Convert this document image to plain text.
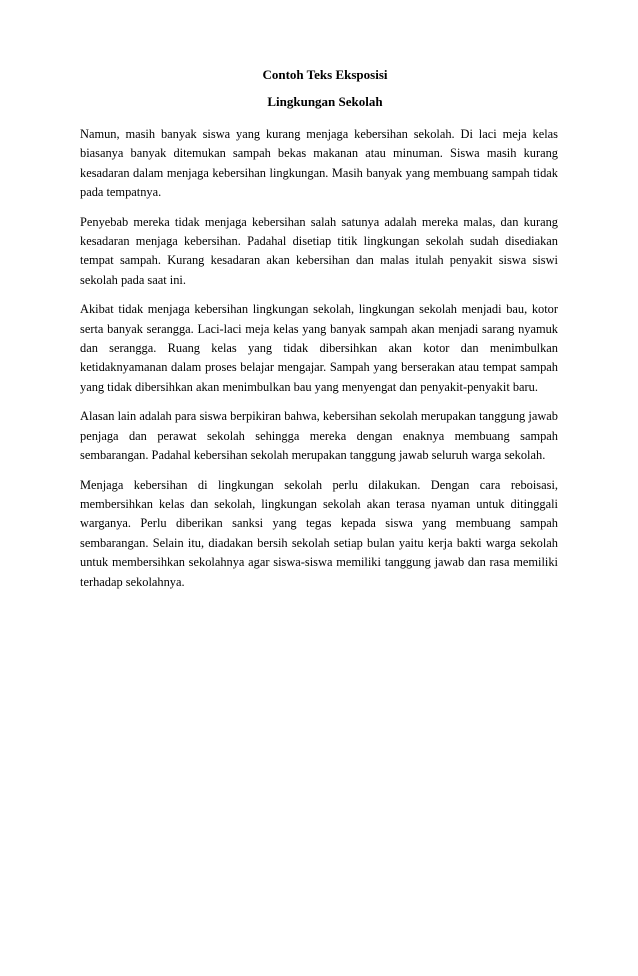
Contoh Teks Eksposisi
Lingkungan Sekolah

Namun, masih banyak siswa yang kurang menjaga kebersihan sekolah. Di laci meja kelas biasanya banyak ditemukan sampah bekas makanan atau minuman. Siswa masih kurang kesadaran dalam menjaga kebersihan lingkungan. Masih banyak yang membuang sampah tidak pada tempatnya.

Penyebab mereka tidak menjaga kebersihan salah satunya adalah mereka malas, dan kurang kesadaran menjaga kebersihan. Padahal disetiap titik lingkungan sekolah sudah disediakan tempat sampah. Kurang kesadaran akan kebersihan dan malas itulah penyakit siswa siswi sekolah pada saat ini.

Akibat tidak menjaga kebersihan lingkungan sekolah, lingkungan sekolah menjadi bau, kotor serta banyak serangga. Laci-laci meja kelas yang banyak sampah akan menjadi sarang nyamuk dan serangga. Ruang kelas yang tidak dibersihkan akan kotor dan menimbulkan ketidaknyamanan dalam proses belajar mengajar. Sampah yang berserakan atau tempat sampah yang tidak dibersihkan akan menimbulkan bau yang menyengat dan penyakit-penyakit baru.

Alasan lain adalah para siswa berpikiran bahwa, kebersihan sekolah merupakan tanggung jawab penjaga dan perawat sekolah sehingga mereka dengan enaknya membuang sampah sembarangan. Padahal kebersihan sekolah merupakan tanggung jawab seluruh warga sekolah.

Menjaga kebersihan di lingkungan sekolah perlu dilakukan. Dengan cara reboisasi, membersihkan kelas dan sekolah, lingkungan sekolah akan terasa nyaman untuk ditinggali warganya. Perlu diberikan sanksi yang tegas kepada siswa yang membuang sampah sembarangan. Selain itu, diadakan bersih sekolah setiap bulan yaitu kerja bakti warga sekolah untuk membersihkan sekolahnya agar siswa-siswa memiliki tanggung jawab dan rasa memiliki terhadap sekolahnya.
